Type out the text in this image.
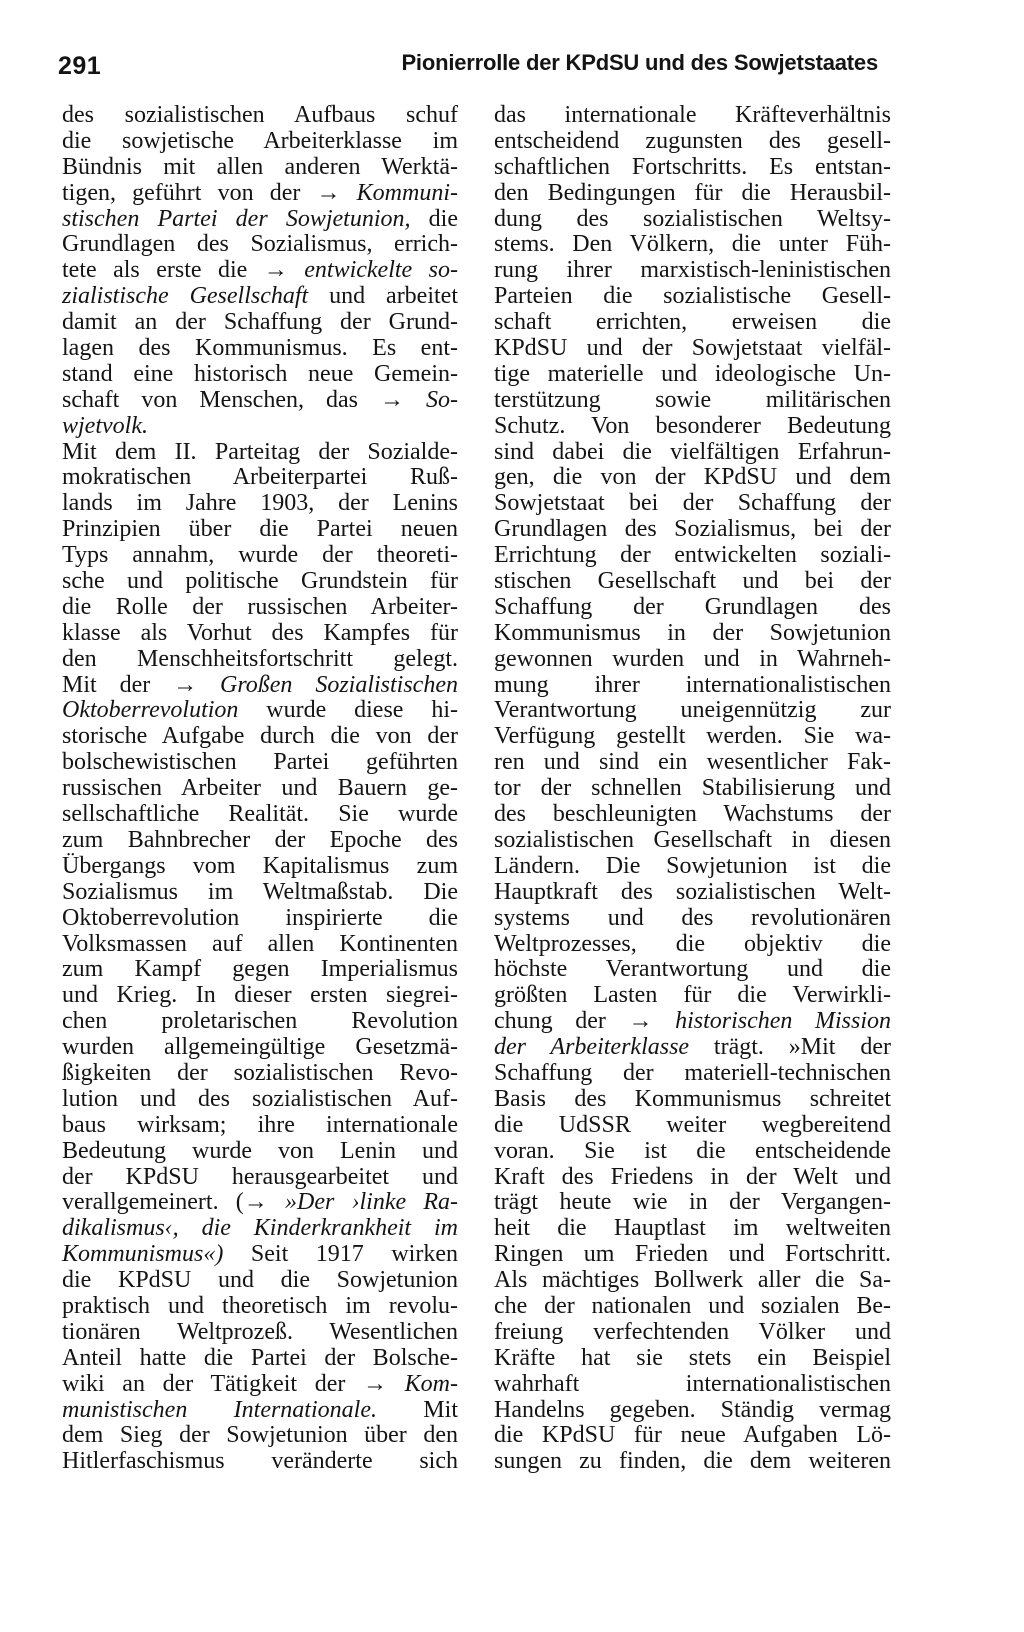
291	Pionierrolle der KPdSU und des Sowjetstaates
des sozialistischen Aufbaus schuf
die sowjetische Arbeiterklasse im
Bündnis mit allen anderen Werktä-
tigen, geführt von der → Kommuni-
stischen Partei der Sowjetunion, die
Grundlagen des Sozialismus, errich-
tete als erste die → entwickelte so-
zialistische Gesellschaft und arbeitet
damit an der Schaffung der Grund-
lagen des Kommunismus. Es ent-
stand eine historisch neue Gemein-
schaft von Menschen, das → So-
wjetvolk.
Mit dem II. Parteitag der Sozialde-
mokratischen Arbeiterpartei Ruß-
lands im Jahre 1903, der Lenins
Prinzipien über die Partei neuen
Typs annahm, wurde der theoreti-
sche und politische Grundstein für
die Rolle der russischen Arbeiter-
klasse als Vorhut des Kampfes für
den Menschheitsfortschritt gelegt.
Mit der → Großen Sozialistischen
Oktoberrevolution wurde diese hi-
storische Aufgabe durch die von der
bolschewistischen Partei geführten
russischen Arbeiter und Bauern ge-
sellschaftliche Realität. Sie wurde
zum Bahnbrecher der Epoche des
Übergangs vom Kapitalismus zum
Sozialismus im Weltmaßstab. Die
Oktoberrevolution inspirierte die
Volksmassen auf allen Kontinenten
zum Kampf gegen Imperialismus
und Krieg. In dieser ersten siegrei-
chen proletarischen Revolution
wurden allgemeingültige Gesetzmä-
ßigkeiten der sozialistischen Revo-
lution und des sozialistischen Auf-
baus wirksam; ihre internationale
Bedeutung wurde von Lenin und
der KPdSU herausgearbeitet und
verallgemeinert. (→ »Der ›linke Ra-
dikalismus‹, die Kinderkrankheit im
Kommunismus«) Seit 1917 wirken
die KPdSU und die Sowjetunion
praktisch und theoretisch im revolu-
tionären Weltprozeß. Wesentlichen
Anteil hatte die Partei der Bolsche-
wiki an der Tätigkeit der → Kom-
munistischen Internationale. Mit
dem Sieg der Sowjetunion über den
Hitlerfaschismus veränderte sich
das internationale Kräfteverhältnis
entscheidend zugunsten des gesell-
schaftlichen Fortschritts. Es entstan-
den Bedingungen für die Herausbil-
dung des sozialistischen Weltsy-
stems. Den Völkern, die unter Füh-
rung ihrer marxistisch-leninistischen
Parteien die sozialistische Gesell-
schaft errichten, erweisen die
KPdSU und der Sowjetstaat vielfäl-
tige materielle und ideologische Un-
terstützung sowie militärischen
Schutz. Von besonderer Bedeutung
sind dabei die vielfältigen Erfahrun-
gen, die von der KPdSU und dem
Sowjetstaat bei der Schaffung der
Grundlagen des Sozialismus, bei der
Errichtung der entwickelten soziali-
stischen Gesellschaft und bei der
Schaffung der Grundlagen des
Kommunismus in der Sowjetunion
gewonnen wurden und in Wahrneh-
mung ihrer internationalistischen
Verantwortung uneigennützig zur
Verfügung gestellt werden. Sie wa-
ren und sind ein wesentlicher Fak-
tor der schnellen Stabilisierung und
des beschleunigten Wachstums der
sozialistischen Gesellschaft in diesen
Ländern. Die Sowjetunion ist die
Hauptkraft des sozialistischen Welt-
systems und des revolutionären
Weltprozesses, die objektiv die
höchste Verantwortung und die
größten Lasten für die Verwirkli-
chung der → historischen Mission
der Arbeiterklasse trägt. »Mit der
Schaffung der materiell-technischen
Basis des Kommunismus schreitet
die UdSSR weiter wegbereitend
voran. Sie ist die entscheidende
Kraft des Friedens in der Welt und
trägt heute wie in der Vergangen-
heit die Hauptlast im weltweiten
Ringen um Frieden und Fortschritt.
Als mächtiges Bollwerk aller die Sa-
che der nationalen und sozialen Be-
freiung verfechtenden Völker und
Kräfte hat sie stets ein Beispiel
wahrhaft internationalistischen
Handelns gegeben. Ständig vermag
die KPdSU für neue Aufgaben Lö-
sungen zu finden, die dem weiteren
